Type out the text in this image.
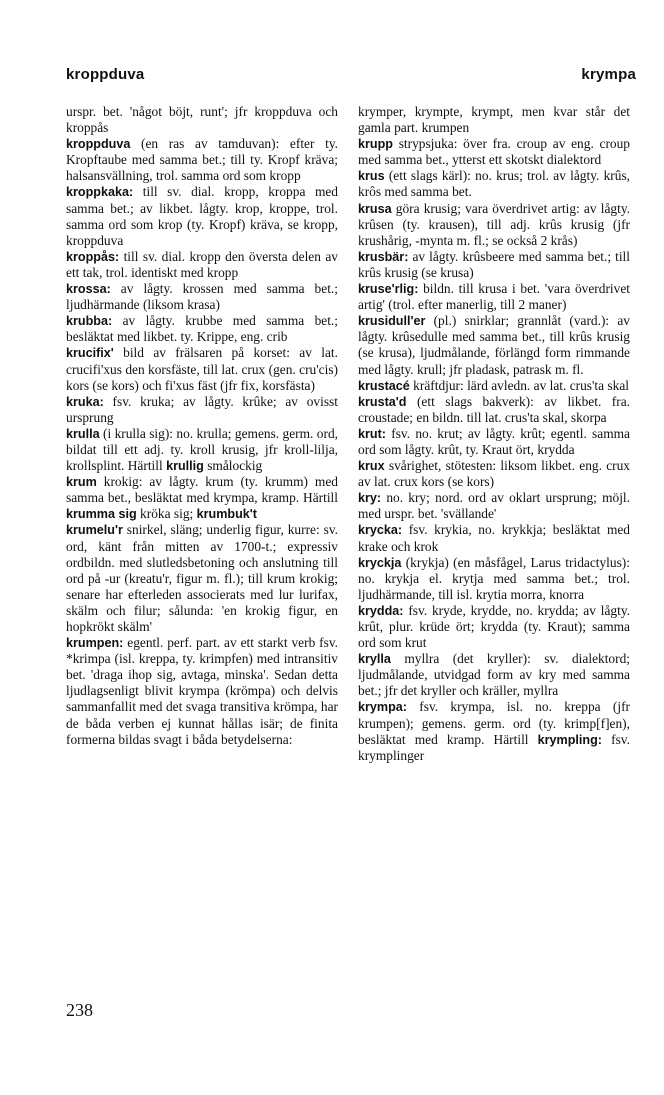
kroppduva	krympa

urspr. bet. 'något böjt, runt'; jfr kroppduva och kroppås

kroppduva (en ras av tamduvan): efter ty. Kropftaube med samma bet.; till ty. Kropf kräva; halsansvällning, trol. samma ord som kropp

kroppkaka: till sv. dial. kropp, kroppa med samma bet.; av likbet. lågty. krop, kroppe, trol. samma ord som krop (ty. Kropf) kräva, se kropp, kroppduva

kroppås: till sv. dial. kropp den översta delen av ett tak, trol. identiskt med kropp

krossa: av lågty. krossen med samma bet.; ljudhärmande (liksom krasa)

krubba: av lågty. krubbe med samma bet.; besläktat med likbet. ty. Krippe, eng. crib

krucifix' bild av frälsaren på korset: av lat. crucifi'xus den korsfäste, till lat. crux (gen. cru'cis) kors (se kors) och fi'xus fäst (jfr fix, korsfästa)

kruka: fsv. kruka; av lågty. krûke; av ovisst ursprung

krulla (i krulla sig): no. krulla; gemens. germ. ord, bildat till ett adj. ty. kroll krusig, jfr kroll-lilja, krollsplint. Härtill krullig smålockig

krum krokig: av lågty. krum (ty. krumm) med samma bet., besläktat med krympa, kramp. Härtill krumma sig kröka sig; krumbuk't

krumelu'r snirkel, släng; underlig figur, kurre: sv. ord, känt från mitten av 1700-t.; expressiv ordbildn. med slutledsbetoning och anslutning till ord på -ur (kreatu'r, figur m. fl.); till krum krokig; senare har efterleden associerats med lur lurifax, skälm och filur; sålunda: 'en krokig figur, en hopkrökt skälm'

krumpen: egentl. perf. part. av ett starkt verb fsv. *krimpa (isl. kreppa, ty. krimpfen) med intransitiv bet. 'draga ihop sig, avtaga, minska'. Sedan detta ljudlagsenligt blivit krympa (krömpa) och delvis sammanfallit med det svaga transitiva krömpa, har de båda verben ej kunnat hållas isär; de finita formerna bildas svagt i båda betydelserna:

krymper, krympte, krympt, men kvar står det gamla part. krumpen

krupp strypsjuka: över fra. croup av eng. croup med samma bet., ytterst ett skotskt dialektord

krus (ett slags kärl): no. krus; trol. av lågty. krûs, krôs med samma bet.

krusa göra krusig; vara överdrivet artig: av lågty. krûsen (ty. krausen), till adj. krûs krusig (jfr krushårig, -mynta m. fl.; se också 2 krås)

krusbär: av lågty. krûsbeere med samma bet.; till krûs krusig (se krusa)

kruse'rlig: bildn. till krusa i bet. 'vara överdrivet artig' (trol. efter manerlig, till 2 maner)

krusidull'er (pl.) snirklar; grannlåt (vard.): av lågty. krûsedulle med samma bet., till krûs krusig (se krusa), ljudmålande, förlängd form rimmande med lågty. krull; jfr pladask, patrask m. fl.

krustacé kräftdjur: lärd avledn. av lat. crus'ta skal

krusta'd (ett slags bakverk): av likbet. fra. croustade; en bildn. till lat. crus'ta skal, skorpa

krut: fsv. no. krut; av lågty. krût; egentl. samma ord som lågty. krût, ty. Kraut ört, krydda

krux svårighet, stötesten: liksom likbet. eng. crux av lat. crux kors (se kors)

kry: no. kry; nord. ord av oklart ursprung; möjl. med urspr. bet. 'svällande'

krycka: fsv. krykia, no. krykkja; besläktat med krake och krok

kryckja (krykja) (en måsfågel, Larus tridactylus): no. krykja el. krytja med samma bet.; trol. ljudhärmande, till isl. krytia morra, knorra

krydda: fsv. kryde, krydde, no. krydda; av lågty. krût, plur. krüde ört; krydda (ty. Kraut); samma ord som krut

krylla myllra (det kryller): sv. dialektord; ljudmålande, utvidgad form av kry med samma bet.; jfr det kryller och kräller, myllra

krympa: fsv. krympa, isl. no. kreppa (jfr krumpen); gemens. germ. ord (ty. krimp[f]en), besläktat med kramp. Härtill krympling: fsv. krymplinger

238
